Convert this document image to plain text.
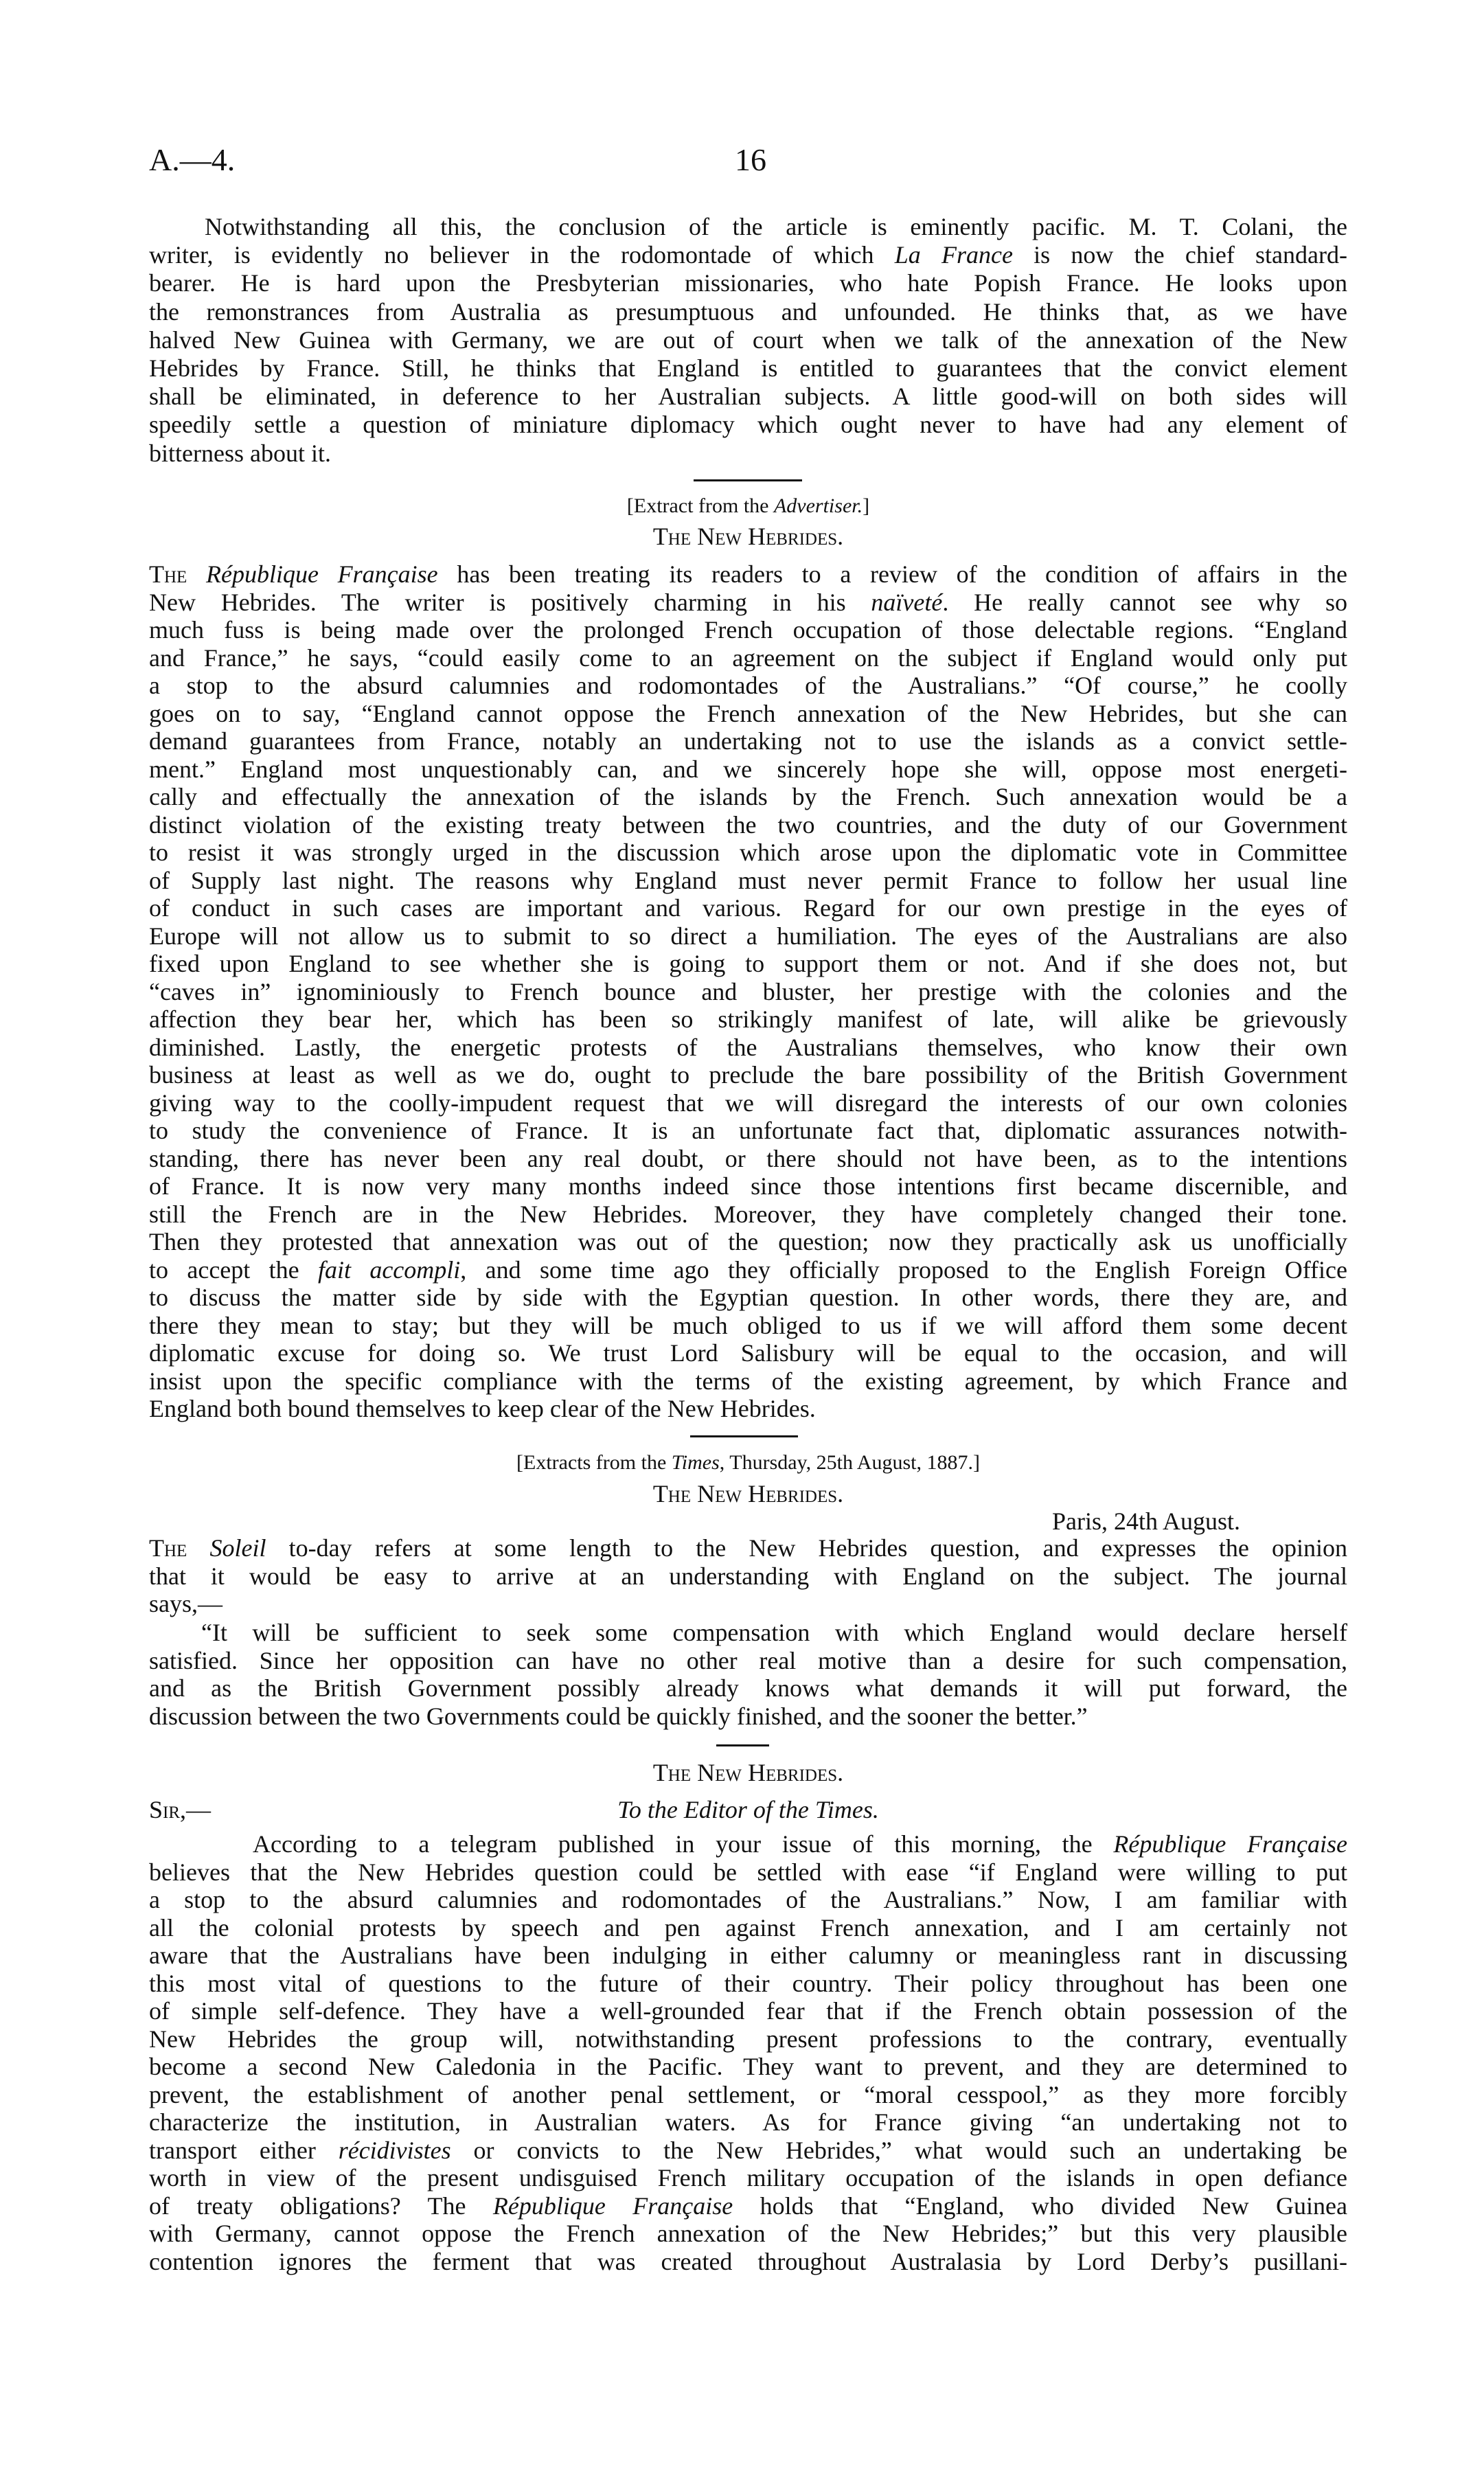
A.—4.	16
Notwithstanding all this, the conclusion of the article is eminently pacific. M. T. Colani, the
writer, is evidently no believer in the rodomontade of which La France is now the chief standard-
bearer. He is hard upon the Presbyterian missionaries, who hate Popish France. He looks upon
the remonstrances from Australia as presumptuous and unfounded. He thinks that, as we have
halved New Guinea with Germany, we are out of court when we talk of the annexation of the New
Hebrides by France. Still, he thinks that England is entitled to guarantees that the convict element
shall be eliminated, in deference to her Australian subjects. A little good-will on both sides will
speedily settle a question of miniature diplomacy which ought never to have had any element of
bitterness about it.
[Extract from the Advertiser.]
The New Hebrides.
The République Française has been treating its readers to a review of the condition of affairs in the
New Hebrides. The writer is positively charming in his naïveté. He really cannot see why so
much fuss is being made over the prolonged French occupation of those delectable regions. “England
and France,” he says, “could easily come to an agreement on the subject if England would only put
a stop to the absurd calumnies and rodomontades of the Australians.” “Of course,” he coolly
goes on to say, “England cannot oppose the French annexation of the New Hebrides, but she can
demand guarantees from France, notably an undertaking not to use the islands as a convict settle-
ment.” England most unquestionably can, and we sincerely hope she will, oppose most energeti-
cally and effectually the annexation of the islands by the French. Such annexation would be a
distinct violation of the existing treaty between the two countries, and the duty of our Government
to resist it was strongly urged in the discussion which arose upon the diplomatic vote in Committee
of Supply last night. The reasons why England must never permit France to follow her usual line
of conduct in such cases are important and various. Regard for our own prestige in the eyes of
Europe will not allow us to submit to so direct a humiliation. The eyes of the Australians are also
fixed upon England to see whether she is going to support them or not. And if she does not, but
“caves in” ignominiously to French bounce and bluster, her prestige with the colonies and the
affection they bear her, which has been so strikingly manifest of late, will alike be grievously
diminished. Lastly, the energetic protests of the Australians themselves, who know their own
business at least as well as we do, ought to preclude the bare possibility of the British Government
giving way to the coolly-impudent request that we will disregard the interests of our own colonies
to study the convenience of France. It is an unfortunate fact that, diplomatic assurances notwith-
standing, there has never been any real doubt, or there should not have been, as to the intentions
of France. It is now very many months indeed since those intentions first became discernible, and
still the French are in the New Hebrides. Moreover, they have completely changed their tone.
Then they protested that annexation was out of the question; now they practically ask us unofficially
to accept the fait accompli, and some time ago they officially proposed to the English Foreign Office
to discuss the matter side by side with the Egyptian question. In other words, there they are, and
there they mean to stay; but they will be much obliged to us if we will afford them some decent
diplomatic excuse for doing so. We trust Lord Salisbury will be equal to the occasion, and will
insist upon the specific compliance with the terms of the existing agreement, by which France and
England both bound themselves to keep clear of the New Hebrides.
[Extracts from the Times, Thursday, 25th August, 1887.]
The New Hebrides.
Paris, 24th August.
The Soleil to-day refers at some length to the New Hebrides question, and expresses the opinion
that it would be easy to arrive at an understanding with England on the subject. The journal
says,—
“It will be sufficient to seek some compensation with which England would declare herself
satisfied. Since her opposition can have no other real motive than a desire for such compensation,
and as the British Government possibly already knows what demands it will put forward, the
discussion between the two Governments could be quickly finished, and the sooner the better.”
The New Hebrides.
Sir,—	To the Editor of the Times.
According to a telegram published in your issue of this morning, the République Française
believes that the New Hebrides question could be settled with ease “if England were willing to put
a stop to the absurd calumnies and rodomontades of the Australians.” Now, I am familiar with
all the colonial protests by speech and pen against French annexation, and I am certainly not
aware that the Australians have been indulging in either calumny or meaningless rant in discussing
this most vital of questions to the future of their country. Their policy throughout has been one
of simple self-defence. They have a well-grounded fear that if the French obtain possession of the
New Hebrides the group will, notwithstanding present professions to the contrary, eventually
become a second New Caledonia in the Pacific. They want to prevent, and they are determined to
prevent, the establishment of another penal settlement, or “moral cesspool,” as they more forcibly
characterize the institution, in Australian waters. As for France giving “an undertaking not to
transport either récidivistes or convicts to the New Hebrides,” what would such an undertaking be
worth in view of the present undisguised French military occupation of the islands in open defiance
of treaty obligations? The République Française holds that “England, who divided New Guinea
with Germany, cannot oppose the French annexation of the New Hebrides;” but this very plausible
contention ignores the ferment that was created throughout Australasia by Lord Derby’s pusillani-
